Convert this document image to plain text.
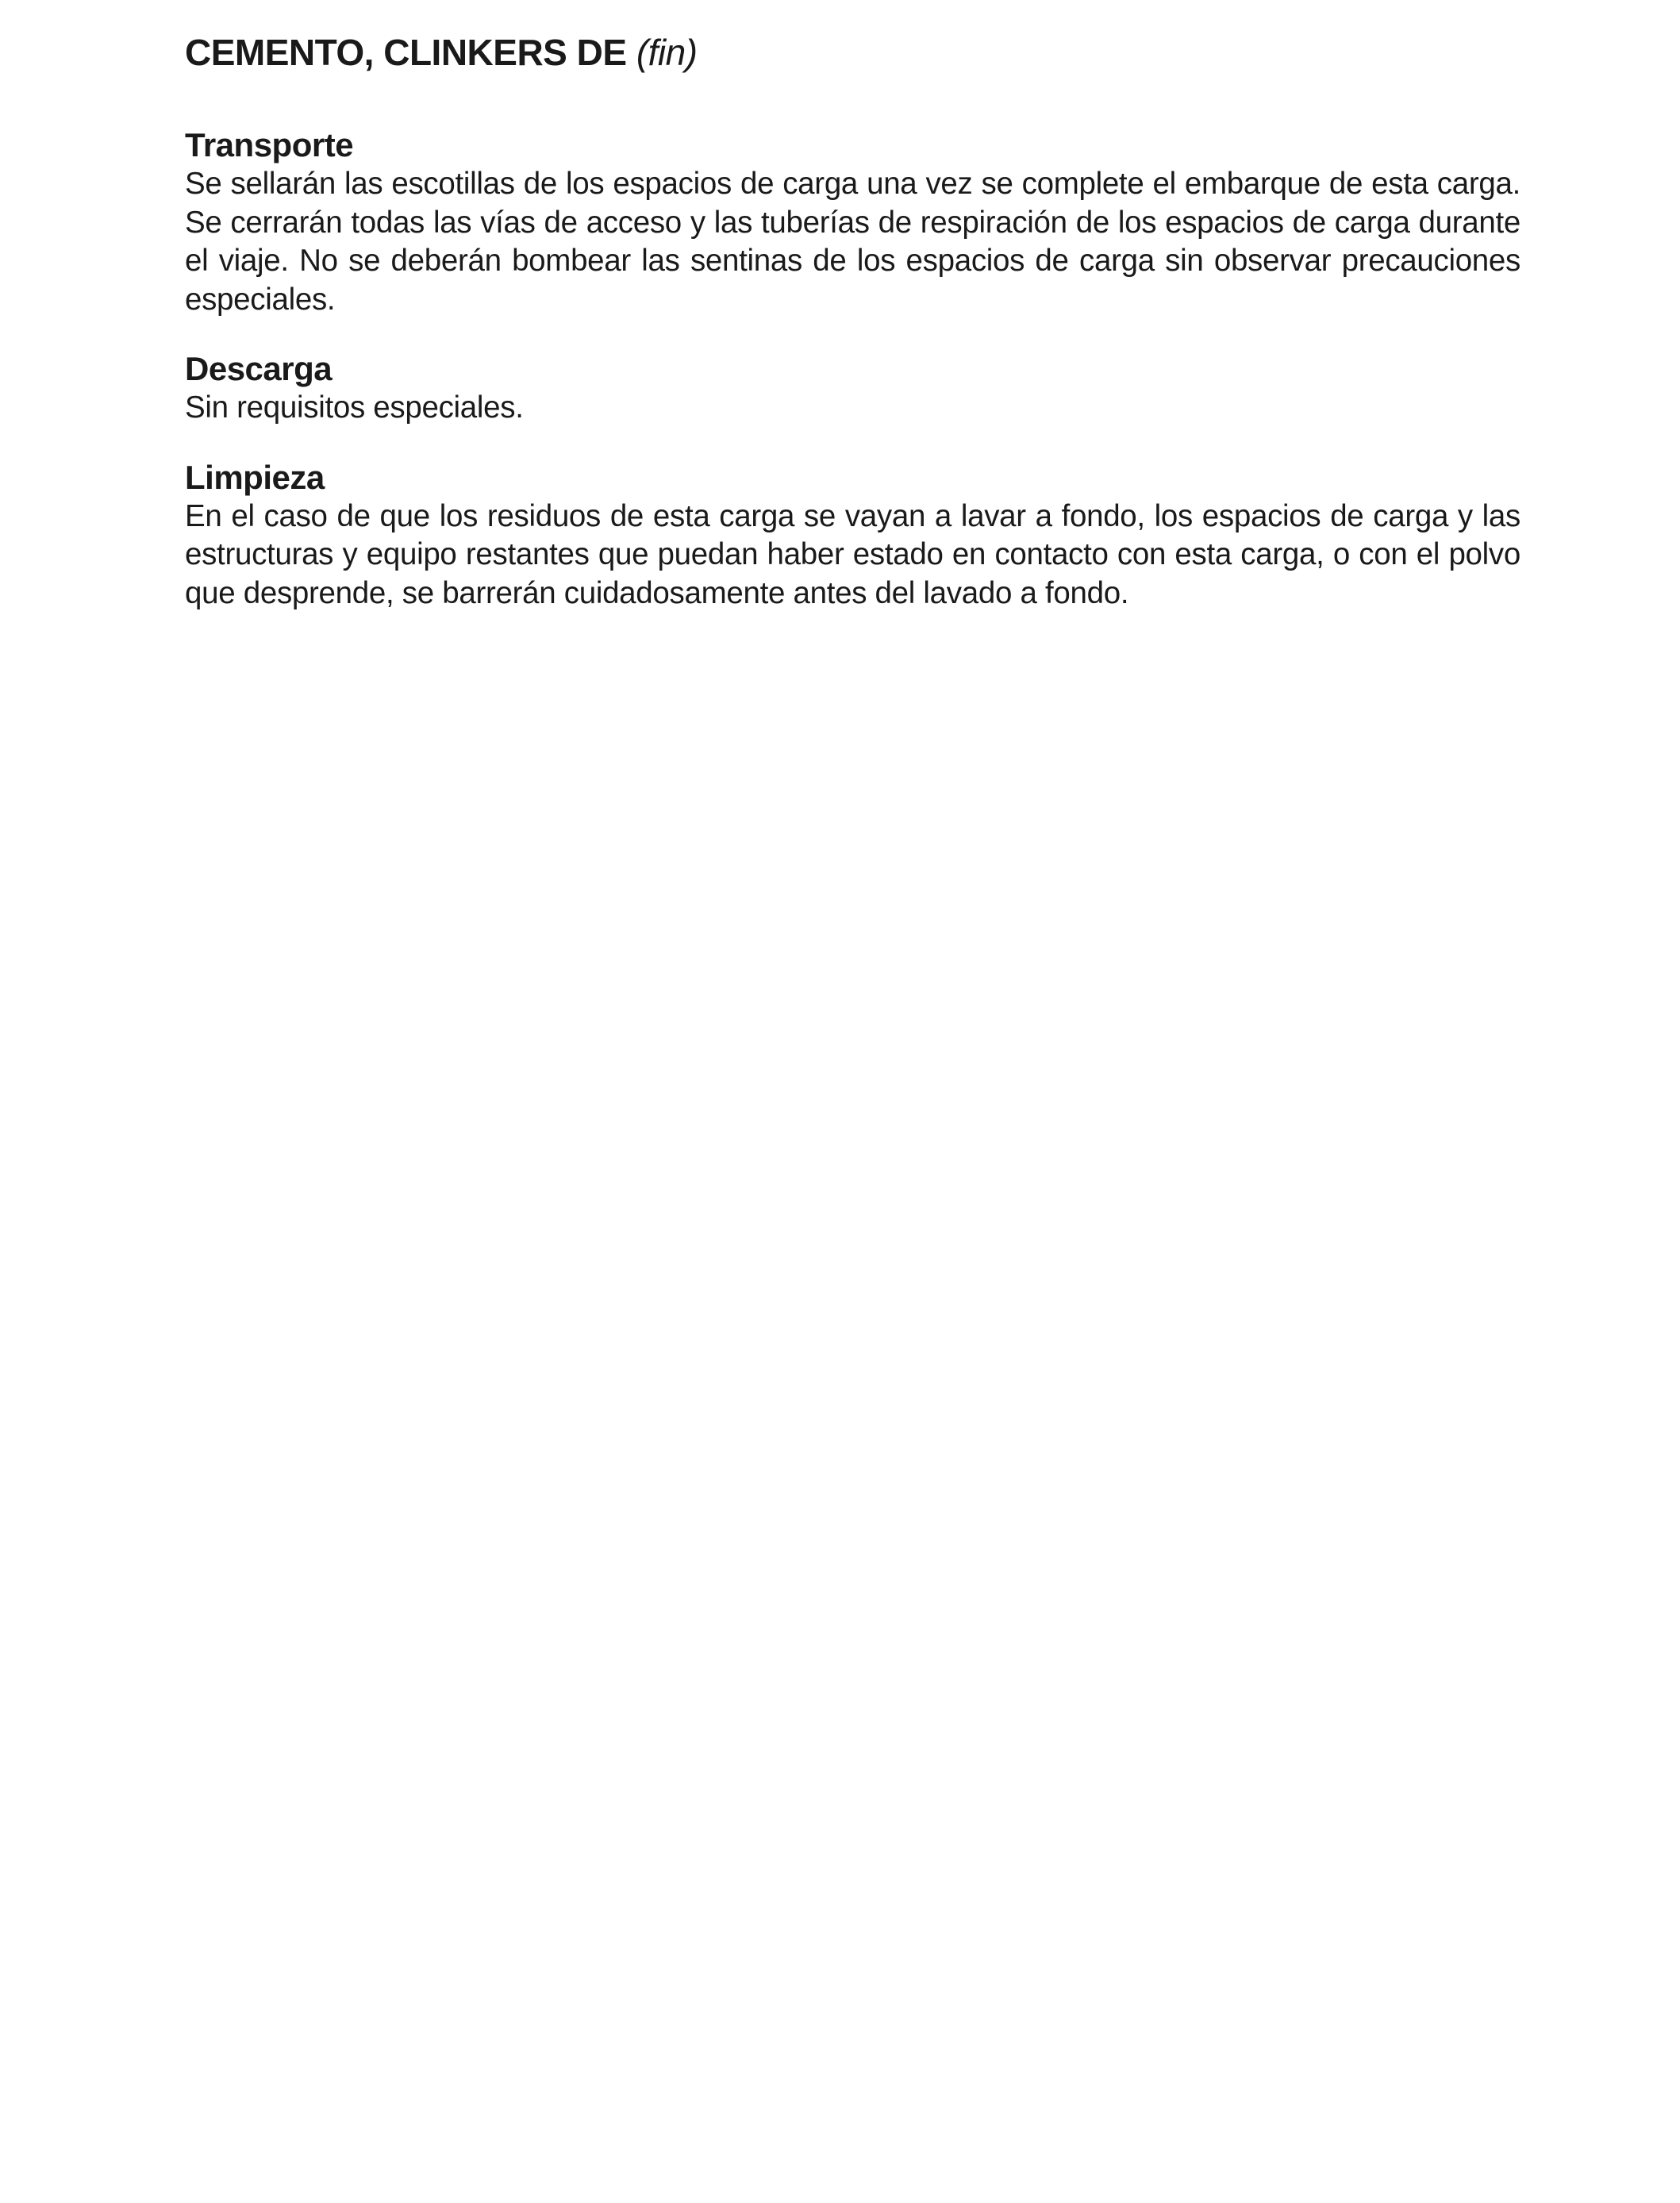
CEMENTO, CLINKERS DE (fin)
Transporte

Se sellarán las escotillas de los espacios de carga una vez se complete el embarque de esta carga. Se cerrarán todas las vías de acceso y las tuberías de respiración de los espacios de carga durante el viaje. No se deberán bombear las sentinas de los espacios de carga sin observar precauciones especiales.

Descarga

Sin requisitos especiales.

Limpieza

En el caso de que los residuos de esta carga se vayan a lavar a fondo, los espacios de carga y las estructuras y equipo restantes que puedan haber estado en contacto con esta carga, o con el polvo que desprende, se barrerán cuidadosamente antes del lavado a fondo.
